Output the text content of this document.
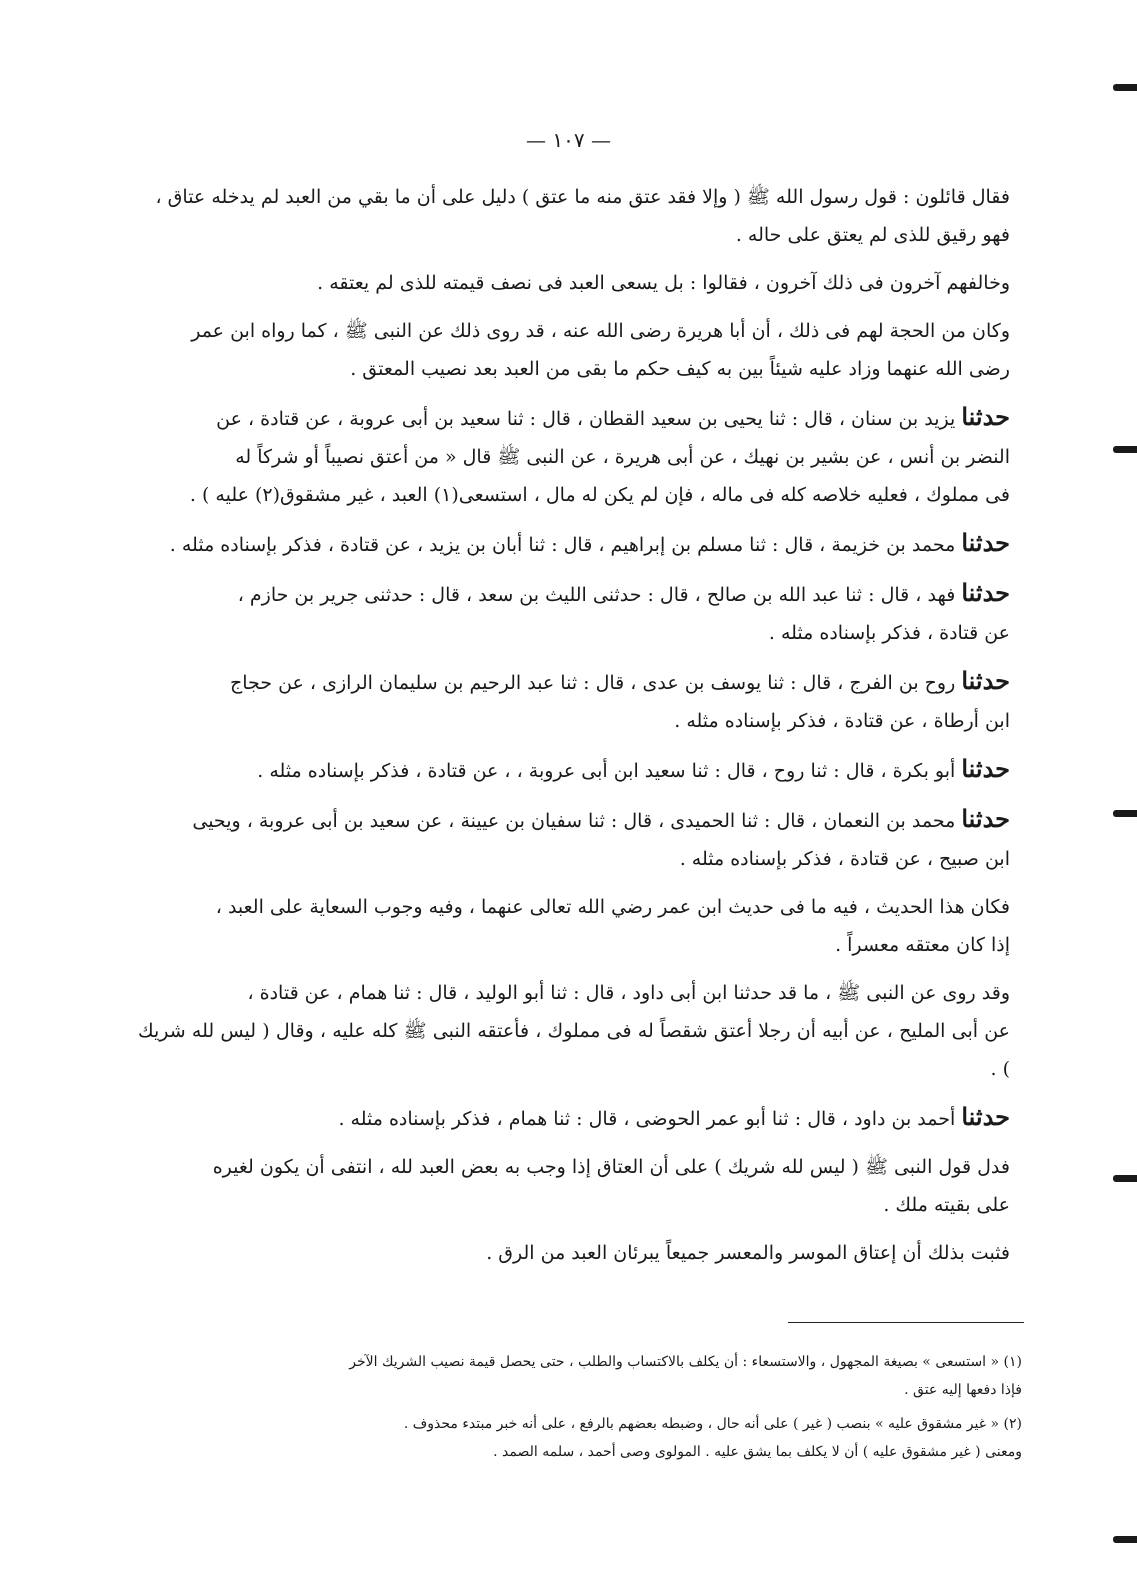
— ١٠٧ —

فقال قائلون : قول رسول الله ﷺ ( وإلا فقد عتق منه ما عتق ) دليل على أن ما بقي من العبد لم يدخله عتاق ،

فهو رقيق للذى لم يعتق على حاله .

وخالفهم آخرون فى ذلك آخرون ، فقالوا : بل يسعى العبد فى نصف قيمته للذى لم يعتقه .

وكان من الحجة لهم فى ذلك ، أن أبا هريرة رضى الله عنه ، قد روى ذلك عن النبى ﷺ ، كما رواه ابن عمر

رضى الله عنهما وزاد عليه شيئاً بين به كيف حكم ما بقى من العبد بعد نصيب المعتق .

حدثنا يزيد بن سنان ، قال : ثنا يحيى بن سعيد القطان ، قال : ثنا سعيد بن أبى عروبة ، عن قتادة ، عن

النضر بن أنس ، عن بشير بن نهيك ، عن أبى هريرة ، عن النبى ﷺ قال « من أعتق نصيباً أو شركاً له

فى مملوك ، فعليه خلاصه كله فى ماله ، فإن لم يكن له مال ، استسعى(١) العبد ، غير مشقوق(٢) عليه ) .

حدثنا محمد بن خزيمة ، قال : ثنا مسلم بن إبراهيم ، قال : ثنا أبان بن يزيد ، عن قتادة ، فذكر بإسناده مثله .

حدثنا فهد ، قال : ثنا عبد الله بن صالح ، قال : حدثنى الليث بن سعد ، قال : حدثنى جرير بن حازم ،

عن قتادة ، فذكر بإسناده مثله .

حدثنا روح بن الفرج ، قال : ثنا يوسف بن عدى ، قال : ثنا عبد الرحيم بن سليمان الرازى ، عن حجاج

ابن أرطاة ، عن قتادة ، فذكر بإسناده مثله .

حدثنا أبو بكرة ، قال : ثنا روح ، قال : ثنا سعيد ابن أبى عروبة ، ، عن قتادة ، فذكر بإسناده مثله .

حدثنا محمد بن النعمان ، قال : ثنا الحميدى ، قال : ثنا سفيان بن عيينة ، عن سعيد بن أبى عروبة ، ويحيى

ابن صبيح ، عن قتادة ، فذكر بإسناده مثله .

فكان هذا الحديث ، فيه ما فى حديث ابن عمر رضي الله تعالى عنهما ، وفيه وجوب السعاية على العبد ،

إذا كان معتقه معسراً .

وقد روى عن النبى ﷺ ، ما قد حدثنا ابن أبى داود ، قال : ثنا أبو الوليد ، قال : ثنا همام ، عن قتادة ،

عن أبى المليح ، عن أبيه أن رجلا أعتق شقصاً له فى مملوك ، فأعتقه النبى ﷺ كله عليه ، وقال ( ليس لله شريك ) .

حدثنا أحمد بن داود ، قال : ثنا أبو عمر الحوضى ، قال : ثنا همام ، فذكر بإسناده مثله .

فدل قول النبى ﷺ ( ليس لله شريك ) على أن العتاق إذا وجب به بعض العبد لله ، انتفى أن يكون لغيره

على بقيته ملك .

فثبت بذلك أن إعتاق الموسر والمعسر جميعاً يبرئان العبد من الرق .

(١) « استسعى » بصيغة المجهول ، والاستسعاء : أن يكلف بالاكتساب والطلب ، حتى يحصل قيمة نصيب الشريك الآخر
فإذا دفعها إليه عتق .
(٢) « غير مشقوق عليه » بنصب ( غير ) على أنه حال ، وضبطه بعضهم بالرفع ، على أنه خبر مبتدء محذوف .
ومعنى ( غير مشقوق عليه ) أن لا يكلف بما يشق عليه . المولوى وصى أحمد ، سلمه الصمد .
